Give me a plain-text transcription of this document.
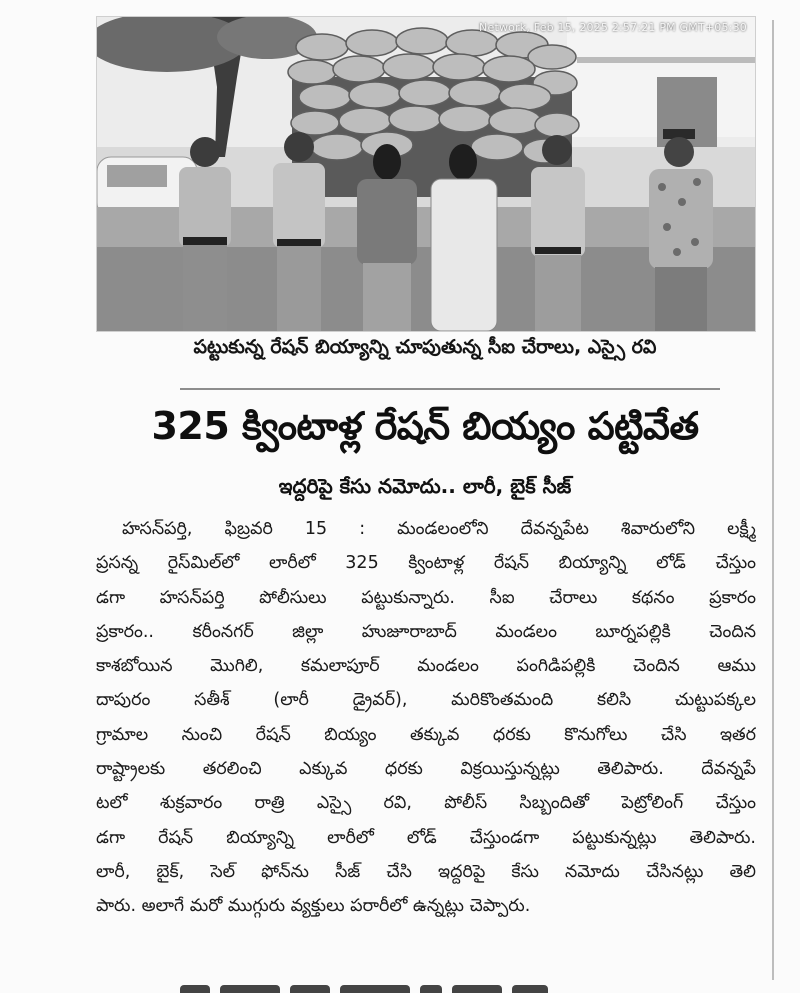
Network, Feb 15, 2025 2:57:21 PM GMT+05:30
పట్టుకున్న రేషన్ బియ్యాన్ని చూపుతున్న సీఐ చేరాలు, ఎస్సై రవి
325 క్వింటాళ్ల రేషన్ బియ్యం పట్టివేత
ఇద్దరిపై కేసు నమోదు.. లారీ, బైక్ సీజ్
హసన్‌పర్తి, ఫిబ్రవరి 15 : మండలంలోని దేవన్నపేట శివారులోని లక్ష్మీ
ప్రసన్న రైస్‌మిల్‌లో లారీలో 325 క్వింటాళ్ల రేషన్ బియ్యాన్ని లోడ్ చేస్తుం
డగా హసన్‌పర్తి పోలీసులు పట్టుకున్నారు. సీఐ చేరాలు కథనం ప్రకారం
ప్రకారం.. కరీంనగర్ జిల్లా హుజూరాబాద్ మండలం బూర్నపల్లికి చెందిన
కాశబోయిన మొగిలి, కమలాపూర్ మండలం పంగిడిపల్లికి చెందిన ఆము
దాపురం సతీశ్ (లారీ డ్రైవర్), మరికొంతమంది కలిసి చుట్టుపక్కల
గ్రామాల నుంచి రేషన్ బియ్యం తక్కువ ధరకు కొనుగోలు చేసి ఇతర
రాష్ట్రాలకు తరలించి ఎక్కువ ధరకు విక్రయిస్తున్నట్లు తెలిపారు. దేవన్నపే
టలో శుక్రవారం రాత్రి ఎస్సై రవి, పోలీస్ సిబ్బందితో పెట్రోలింగ్ చేస్తుం
డగా రేషన్ బియ్యాన్ని లారీలో లోడ్ చేస్తుండగా పట్టుకున్నట్లు తెలిపారు.
లారీ, బైక్, సెల్ ఫోన్‌ను సీజ్ చేసి ఇద్దరిపై కేసు నమోదు చేసినట్లు తెలి
పారు. అలాగే మరో ముగ్గురు వ్యక్తులు పరారీలో ఉన్నట్లు చెప్పారు.
